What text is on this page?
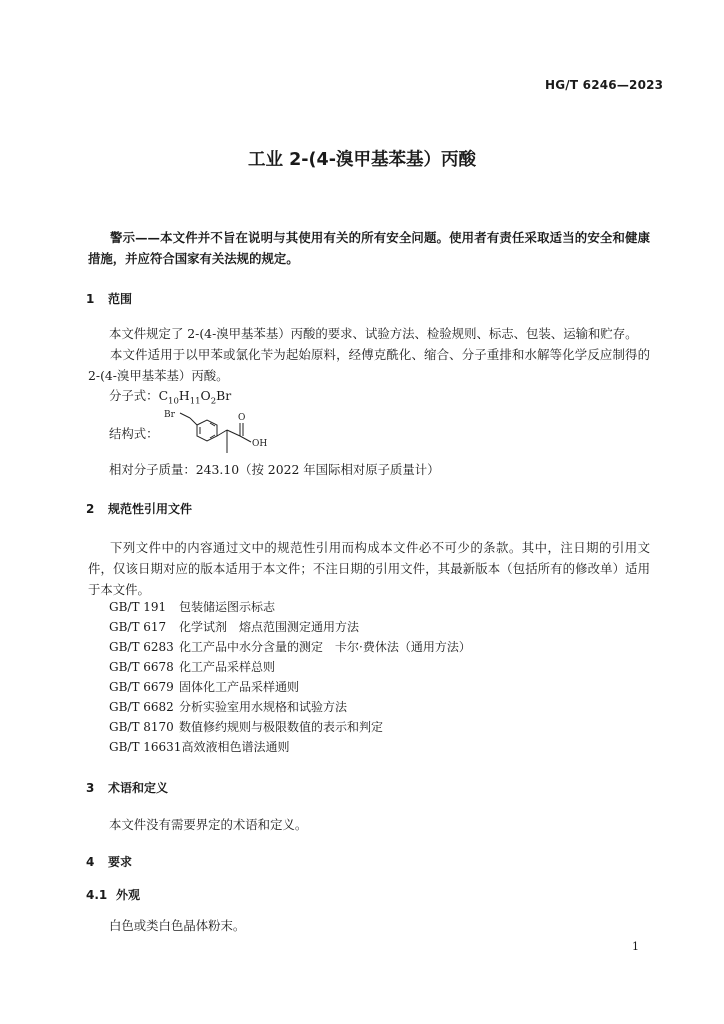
HG/T 6246—2023
工业 2-(4-溴甲基苯基）丙酸
警示——本文件并不旨在说明与其使用有关的所有安全问题。使用者有责任采取适当的安全和健康措施，并应符合国家有关法规的规定。
1 范围
本文件规定了 2-(4-溴甲基苯基）丙酸的要求、试验方法、检验规则、标志、包装、运输和贮存。
本文件适用于以甲苯或氯化苄为起始原料，经傅克酰化、缩合、分子重排和水解等化学反应制得的 2-(4-溴甲基苯基）丙酸。
分子式：$C_{10}H_{11}O_2Br$
结构式：
Br	O
OH
相对分子质量：243.10（按 2022 年国际相对原子质量计）
2 规范性引用文件
下列文件中的内容通过文中的规范性引用而构成本文件必不可少的条款。其中，注日期的引用文件，仅该日期对应的版本适用于本文件；不注日期的引用文件，其最新版本（包括所有的修改单）适用于本文件。
GB/T 191 包装储运图示标志
GB/T 617 化学试剂　熔点范围测定通用方法
GB/T 6283 化工产品中水分含量的测定　卡尔·费休法（通用方法）
GB/T 6678 化工产品采样总则
GB/T 6679 固体化工产品采样通则
GB/T 6682 分析实验室用水规格和试验方法
GB/T 8170 数值修约规则与极限数值的表示和判定
GB/T 16631高效液相色谱法通则
3 术语和定义
本文件没有需要界定的术语和定义。
4 要求
4.1 外观
白色或类白色晶体粉末。
1
